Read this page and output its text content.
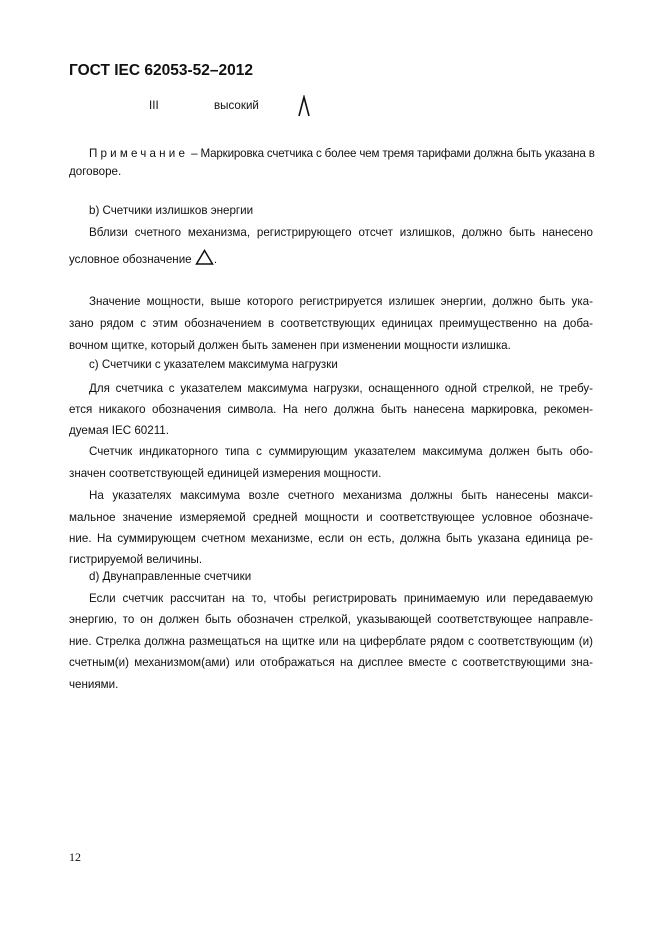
ГОСТ IEC 62053-52–2012
III	высокий
Примечание – Маркировка счетчика с более чем тремя тарифами должна быть указана в
договоре.
b) Счетчики излишков энергии
Вблизи счетного механизма, регистрирующего отсчет излишков, должно быть нанесено
условное обозначение .
Значение мощности, выше которого регистрируется излишек энергии, должно быть ука-
зано рядом с этим обозначением в соответствующих единицах преимущественно на доба-
вочном щитке, который должен быть заменен при изменении мощности излишка.
c) Счетчики с указателем максимума нагрузки
Для счетчика с указателем максимума нагрузки, оснащенного одной стрелкой, не требу-
ется никакого обозначения символа. На него должна быть нанесена маркировка, рекомен-
дуемая IEC 60211.
Счетчик индикаторного типа с суммирующим указателем максимума должен быть обо-
значен соответствующей единицей измерения мощности.
На указателях максимума возле счетного механизма должны быть нанесены макси-
мальное значение измеряемой средней мощности и соответствующее условное обозначе-
ние. На суммирующем счетном механизме, если он есть, должна быть указана единица ре-
гистрируемой величины.
d) Двунаправленные счетчики
Если счетчик рассчитан на то, чтобы регистрировать принимаемую или передаваемую
энергию, то он должен быть обозначен стрелкой, указывающей соответствующее направле-
ние. Стрелка должна размещаться на щитке или на циферблате рядом с соответствующим (и)
счетным(и) механизмом(ами) или отображаться на дисплее вместе с соответствующими зна-
чениями.
12
